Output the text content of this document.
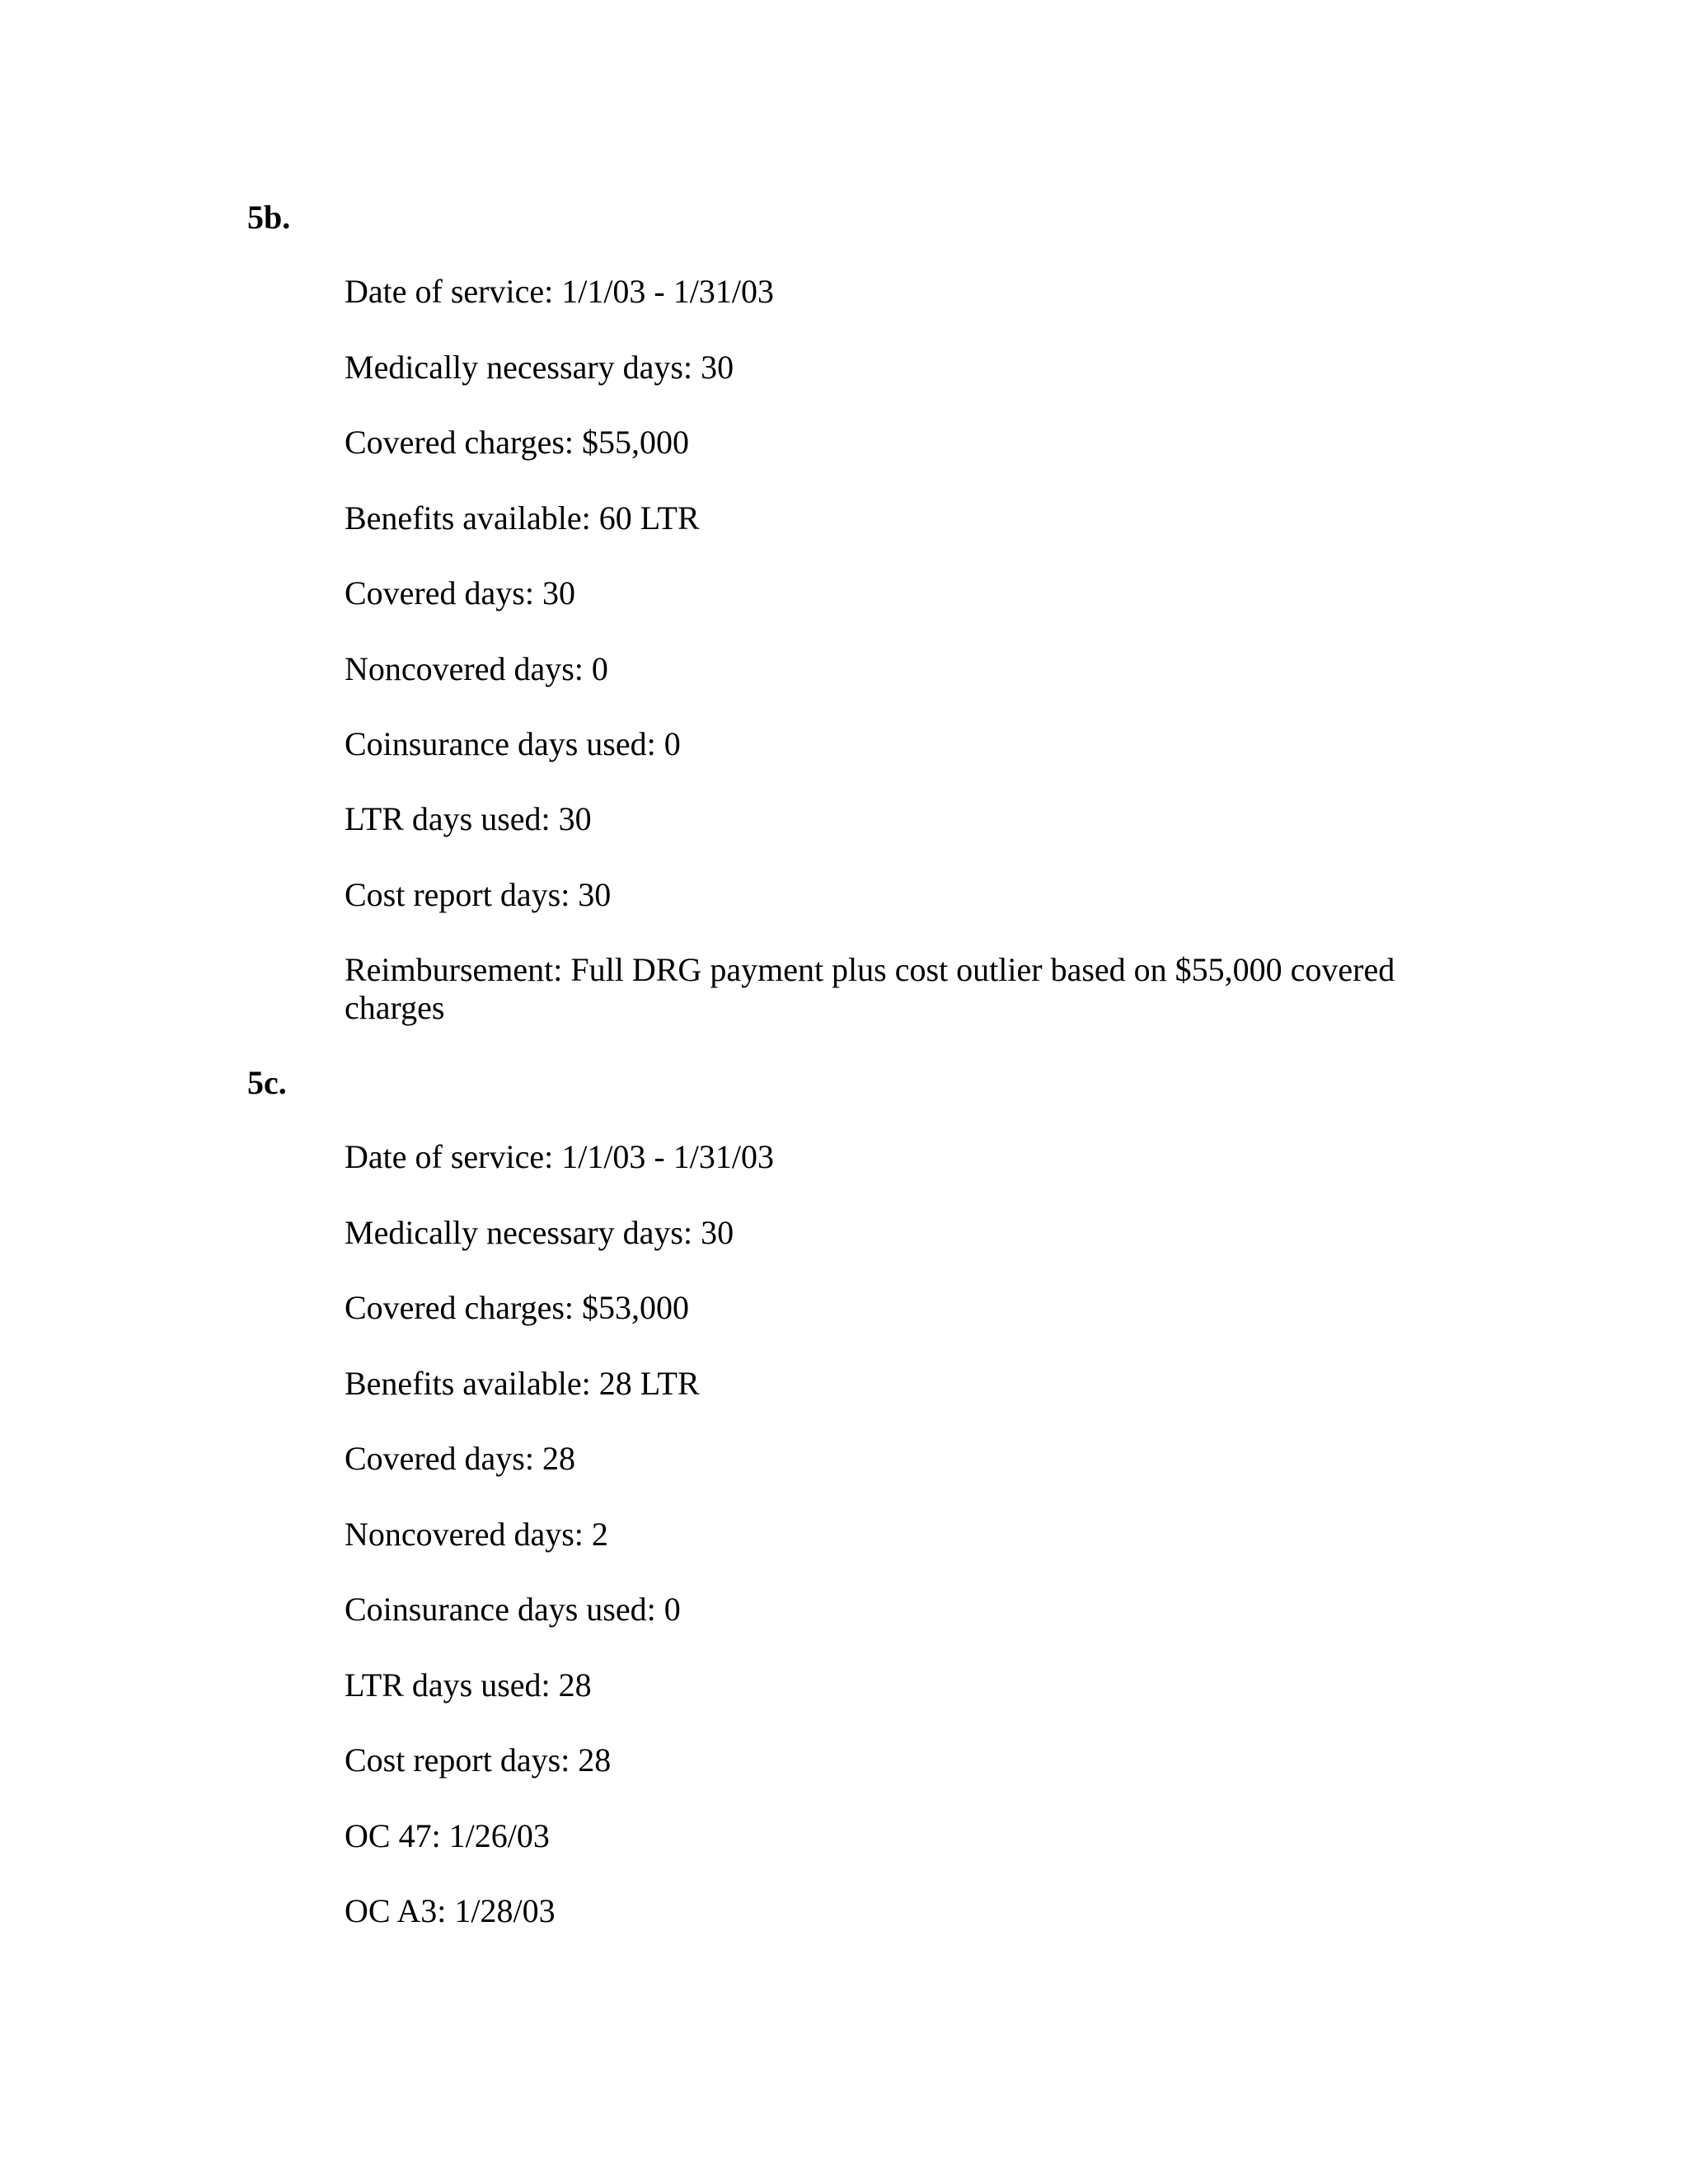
5b.

Date of service: 1/1/03 - 1/31/03

Medically necessary days: 30

Covered charges: $55,000

Benefits available: 60 LTR

Covered days: 30

Noncovered days: 0

Coinsurance days used: 0

LTR days used: 30

Cost report days: 30

Reimbursement: Full DRG payment plus cost outlier based on $55,000 covered charges

5c.

Date of service: 1/1/03 - 1/31/03

Medically necessary days: 30

Covered charges: $53,000

Benefits available: 28 LTR

Covered days: 28

Noncovered days: 2

Coinsurance days used: 0

LTR days used: 28

Cost report days: 28

OC 47: 1/26/03

OC A3: 1/28/03
